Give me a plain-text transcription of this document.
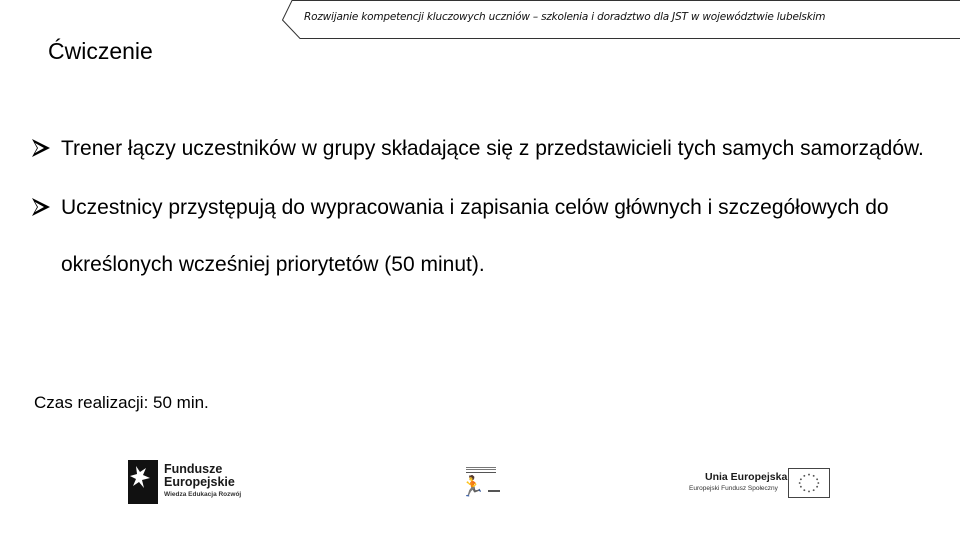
Rozwijanie kompetencji kluczowych uczniów – szkolenia i doradztwo dla JST w województwie lubelskim
Ćwiczenie
Trener łączy uczestników w grupy składające się z przedstawicieli tych samych samorządów.
Uczestnicy przystępują do wypracowania i zapisania celów głównych i szczegółowych do określonych wcześniej priorytetów (50 minut).
Czas realizacji: 50 min.
Fundusze
Europejskie
Wiedza Edukacja Rozwój	🏃	Unia Europejska
Europejski Fundusz Społeczny
